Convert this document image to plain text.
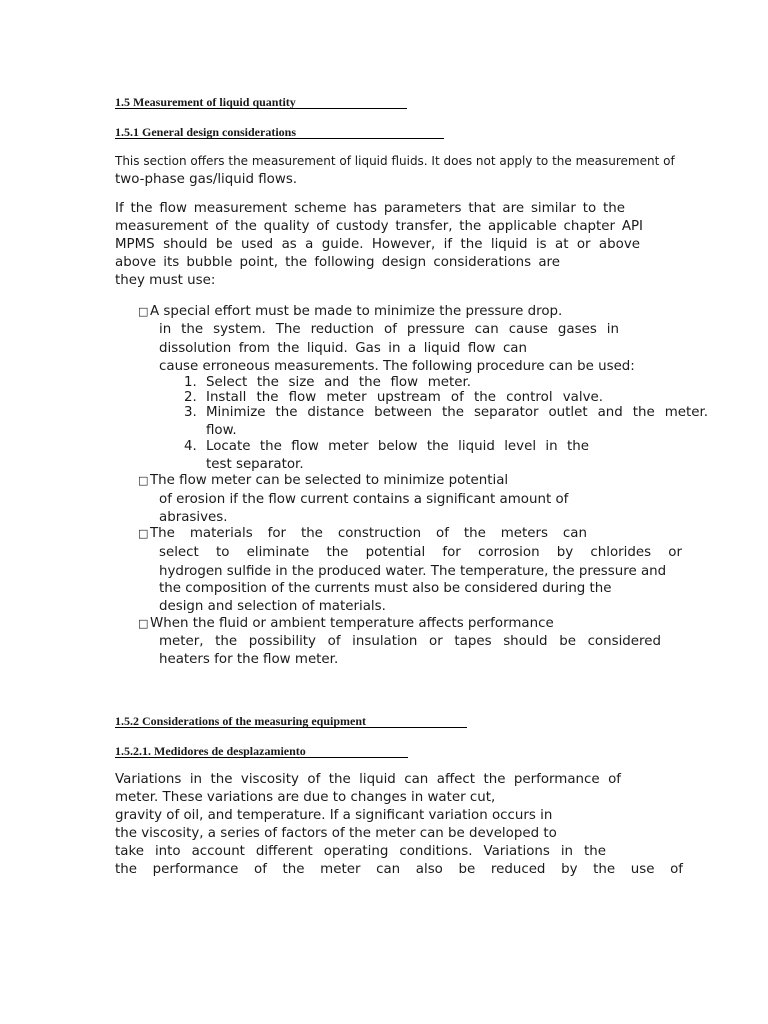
1.5 Measurement of liquid quantity

1.5.1 General design considerations

This section offers the measurement of liquid fluids. It does not apply to the measurement of

two-phase gas/liquid flows.

If the flow measurement scheme has parameters that are similar to the

measurement of the quality of custody transfer, the applicable chapter API

MPMS should be used as a guide. However, if the liquid is at or above

above its bubble point, the following design considerations are

they must use:

□ A special effort must be made to minimize the pressure drop.

in the system. The reduction of pressure can cause gases in

dissolution from the liquid. Gas in a liquid flow can

cause erroneous measurements. The following procedure can be used:

1. Select the size and the flow meter.

2. Install the flow meter upstream of the control valve.

3. Minimize the distance between the separator outlet and the meter.

flow.

4. Locate the flow meter below the liquid level in the

test separator.

□ The flow meter can be selected to minimize potential

of erosion if the flow current contains a significant amount of

abrasives.

□ The materials for the construction of the meters can

select to eliminate the potential for corrosion by chlorides or

hydrogen sulfide in the produced water. The temperature, the pressure and

the composition of the currents must also be considered during the

design and selection of materials.

□ When the fluid or ambient temperature affects performance

meter, the possibility of insulation or tapes should be considered

heaters for the flow meter.

1.5.2 Considerations of the measuring equipment

1.5.2.1. Medidores de desplazamiento

Variations in the viscosity of the liquid can affect the performance of

meter. These variations are due to changes in water cut,

gravity of oil, and temperature. If a significant variation occurs in

the viscosity, a series of factors of the meter can be developed to

take into account different operating conditions. Variations in the

the performance of the meter can also be reduced by the use of
